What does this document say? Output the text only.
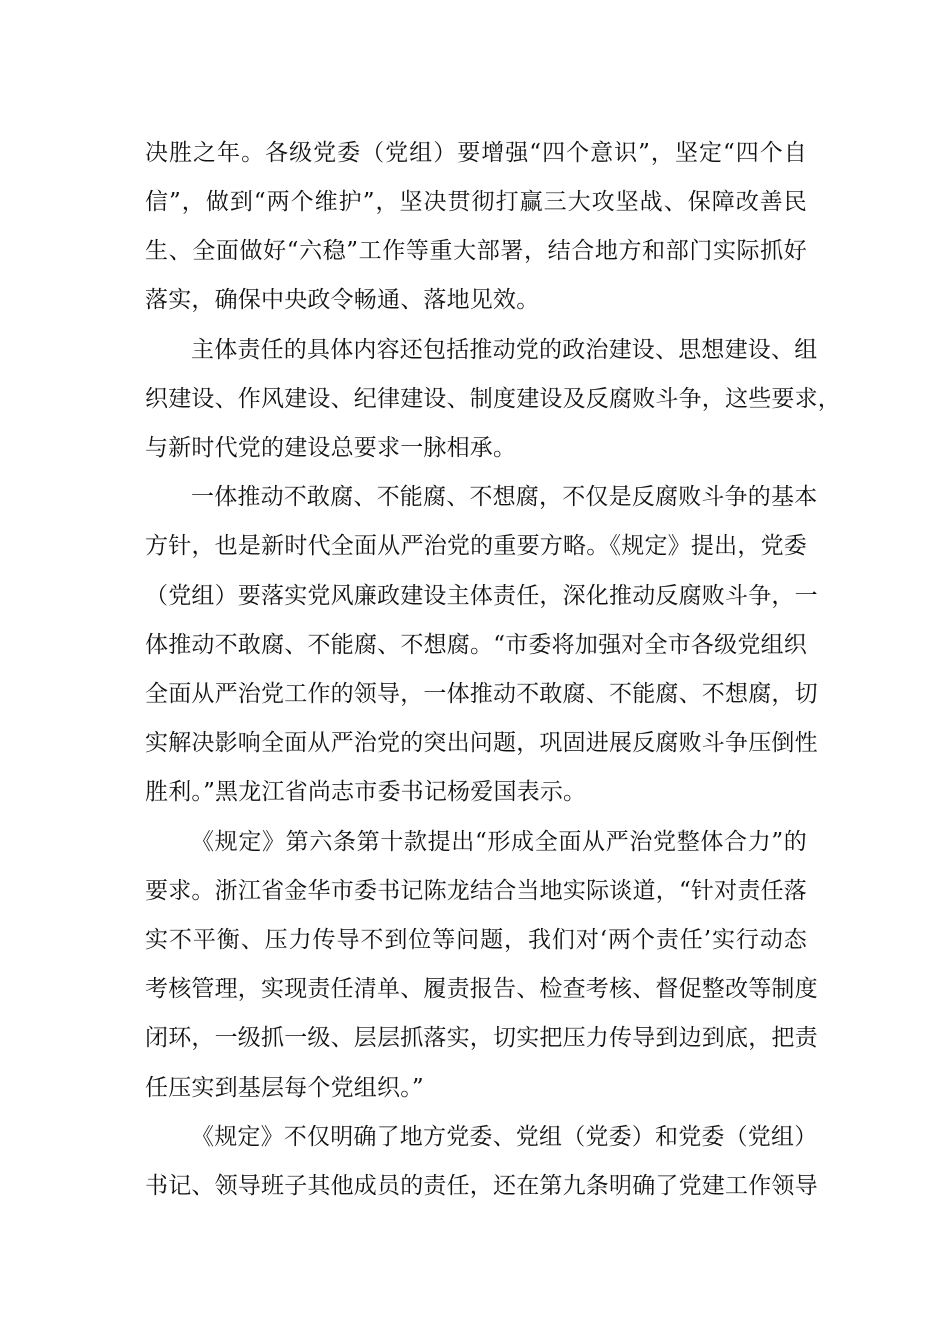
决胜之年。各级党委（党组）要增强“四个意识”，坚定“四个自
信”，做到“两个维护”，坚决贯彻打赢三大攻坚战、保障改善民
生、全面做好“六稳”工作等重大部署，结合地方和部门实际抓好
落实，确保中央政令畅通、落地见效。
主体责任的具体内容还包括推动党的政治建设、思想建设、组
织建设、作风建设、纪律建设、制度建设及反腐败斗争，这些要求，
与新时代党的建设总要求一脉相承。
一体推动不敢腐、不能腐、不想腐，不仅是反腐败斗争的基本
方针，也是新时代全面从严治党的重要方略。《规定》提出，党委
（党组）要落实党风廉政建设主体责任，深化推动反腐败斗争，一
体推动不敢腐、不能腐、不想腐。“市委将加强对全市各级党组织
全面从严治党工作的领导，一体推动不敢腐、不能腐、不想腐，切
实解决影响全面从严治党的突出问题，巩固进展反腐败斗争压倒性
胜利。”黑龙江省尚志市委书记杨爱国表示。
《规定》第六条第十款提出“形成全面从严治党整体合力”的
要求。浙江省金华市委书记陈龙结合当地实际谈道，“针对责任落
实不平衡、压力传导不到位等问题，我们对‘两个责任’实行动态
考核管理，实现责任清单、履责报告、检查考核、督促整改等制度
闭环，一级抓一级、层层抓落实，切实把压力传导到边到底，把责
任压实到基层每个党组织。”
《规定》不仅明确了地方党委、党组（党委）和党委（党组）
书记、领导班子其他成员的责任，还在第九条明确了党建工作领导
